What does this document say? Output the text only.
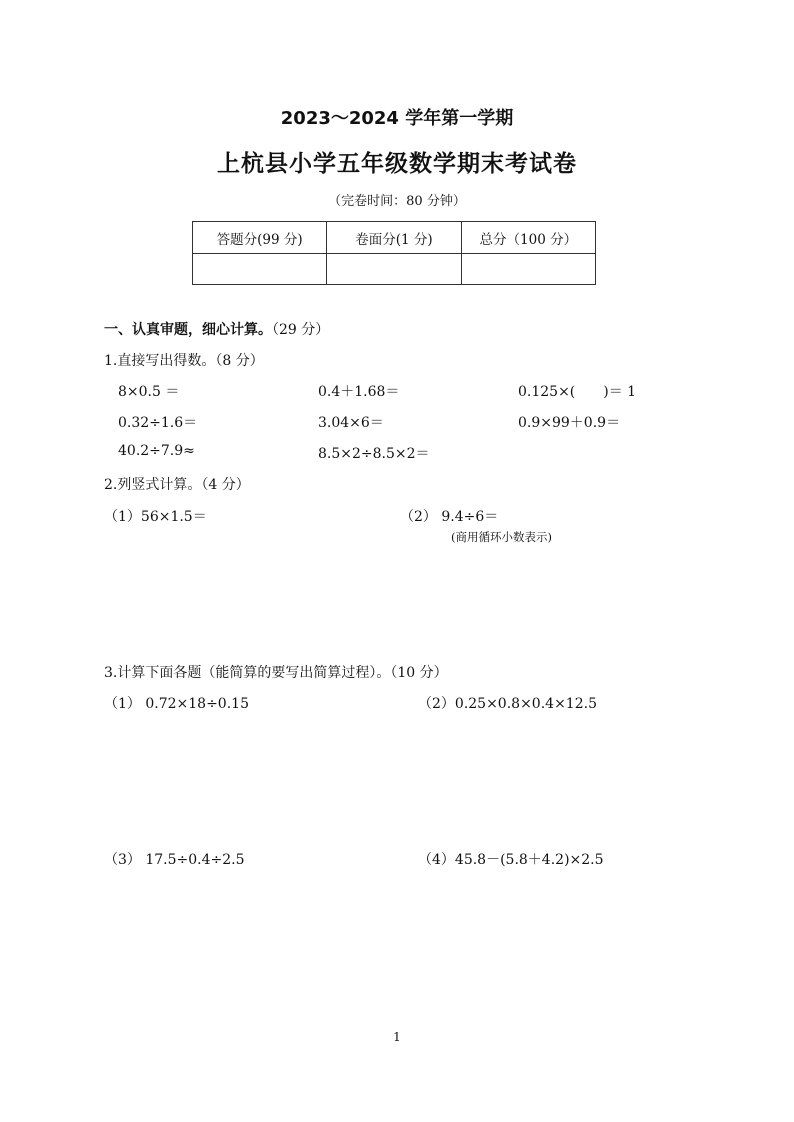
2023～2024 学年第一学期
上杭县小学五年级数学期末考试卷
（完卷时间：80 分钟）
答题分(99 分)	卷面分(1 分)	总分（100 分）

一、认真审题，细心计算。（29 分）
1.直接写出得数。（8 分）
8×0.5 ＝	0.4＋1.68＝	0.125×(　　)＝ 1
0.32÷1.6＝	3.04×6＝	0.9×99＋0.9＝
40.2÷7.9≈	8.5×2÷8.5×2＝
2.列竖式计算。（4 分）
（1）56×1.5＝	（2） 9.4÷6＝
(商用循环小数表示)
3.计算下面各题（能简算的要写出简算过程）。（10 分）
（1） 0.72×18÷0.15	（2）0.25×0.8×0.4×12.5
（3） 17.5÷0.4÷2.5	（4）45.8－(5.8＋4.2)×2.5
1
